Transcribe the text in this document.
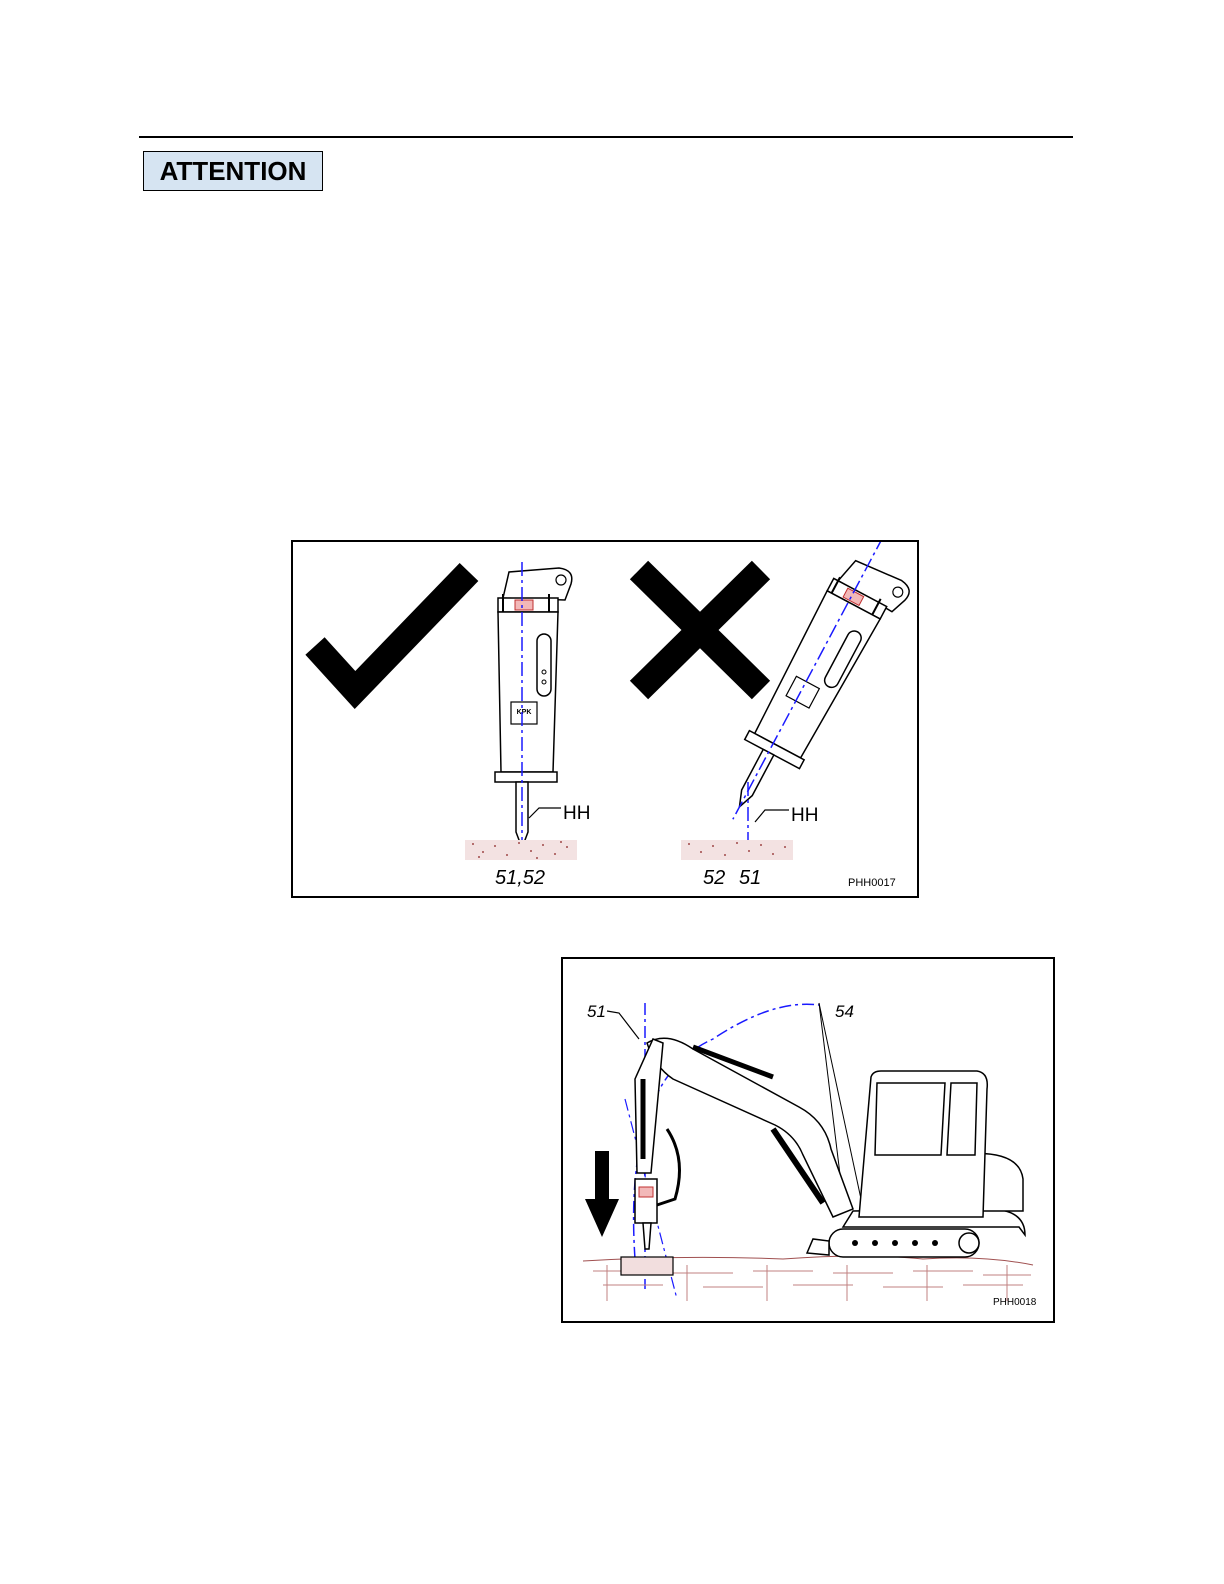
ATTENTION
KPK
HH
51,52
HH
52 51	PHH0017
51	54
PHH0018
